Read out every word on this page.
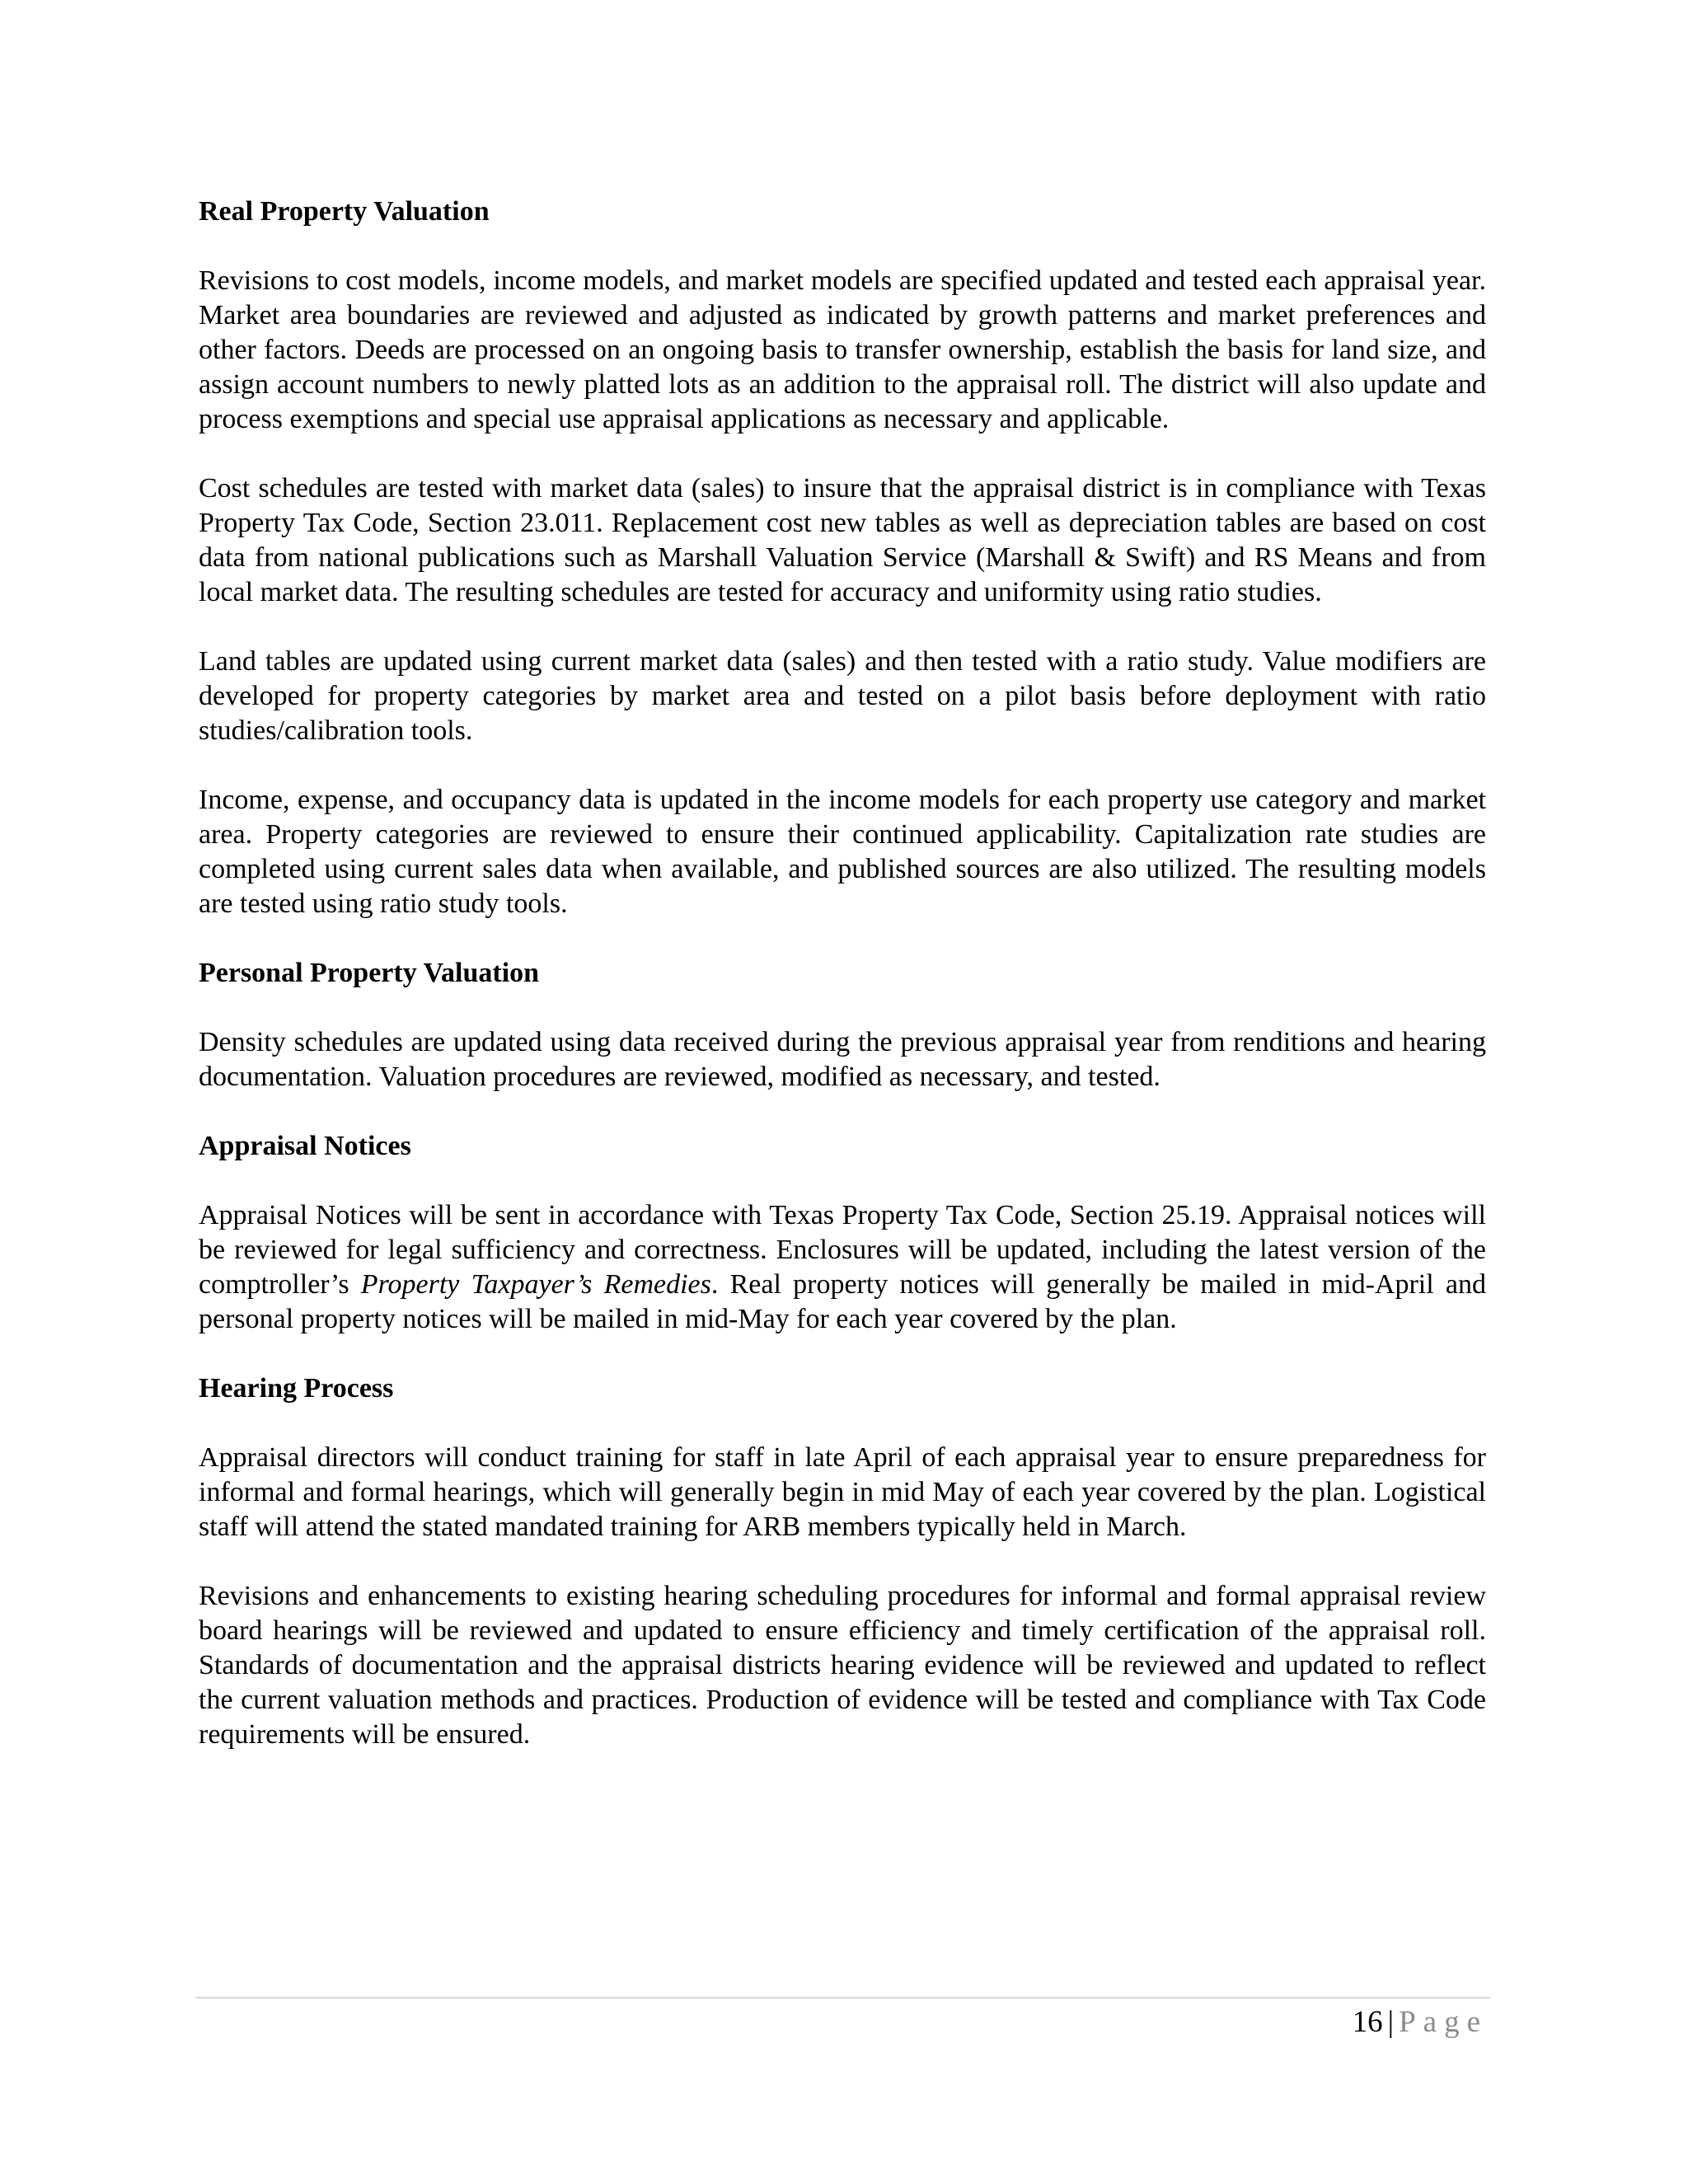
Real Property Valuation

Revisions to cost models, income models, and market models are specified updated and tested each appraisal year. Market area boundaries are reviewed and adjusted as indicated by growth patterns and market preferences and other factors. Deeds are processed on an ongoing basis to transfer ownership, establish the basis for land size, and assign account numbers to newly platted lots as an addition to the appraisal roll. The district will also update and process exemptions and special use appraisal applications as necessary and applicable.

Cost schedules are tested with market data (sales) to insure that the appraisal district is in compliance with Texas Property Tax Code, Section 23.011. Replacement cost new tables as well as depreciation tables are based on cost data from national publications such as Marshall Valuation Service (Marshall & Swift) and RS Means and from local market data. The resulting schedules are tested for accuracy and uniformity using ratio studies.

Land tables are updated using current market data (sales) and then tested with a ratio study. Value modifiers are developed for property categories by market area and tested on a pilot basis before deployment with ratio studies/calibration tools.

Income, expense, and occupancy data is updated in the income models for each property use category and market area. Property categories are reviewed to ensure their continued applicability. Capitalization rate studies are completed using current sales data when available, and published sources are also utilized. The resulting models are tested using ratio study tools.

Personal Property Valuation

Density schedules are updated using data received during the previous appraisal year from renditions and hearing documentation. Valuation procedures are reviewed, modified as necessary, and tested.

Appraisal Notices

Appraisal Notices will be sent in accordance with Texas Property Tax Code, Section 25.19. Appraisal notices will be reviewed for legal sufficiency and correctness. Enclosures will be updated, including the latest version of the comptroller’s Property Taxpayer’s Remedies. Real property notices will generally be mailed in mid-April and personal property notices will be mailed in mid-May for each year covered by the plan.

Hearing Process

Appraisal directors will conduct training for staff in late April of each appraisal year to ensure preparedness for informal and formal hearings, which will generally begin in mid May of each year covered by the plan. Logistical staff will attend the stated mandated training for ARB members typically held in March.

Revisions and enhancements to existing hearing scheduling procedures for informal and formal appraisal review board hearings will be reviewed and updated to ensure efficiency and timely certification of the appraisal roll. Standards of documentation and the appraisal districts hearing evidence will be reviewed and updated to reflect the current valuation methods and practices. Production of evidence will be tested and compliance with Tax Code requirements will be ensured.

16 | Page
